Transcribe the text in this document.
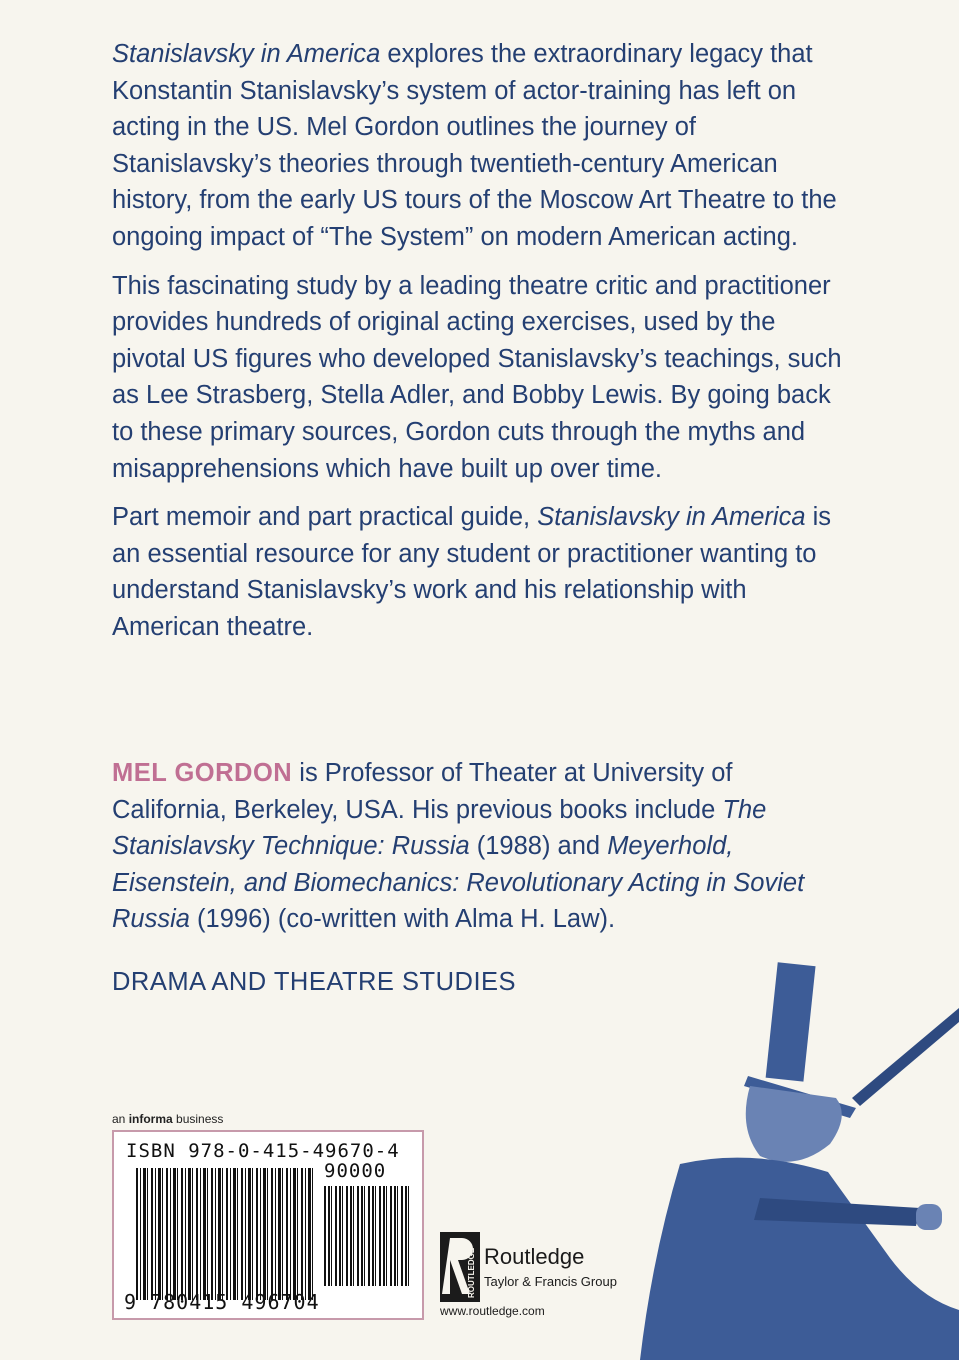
Stanislavsky in America explores the extraordinary legacy that Konstantin Stanislavsky’s system of actor-training has left on acting in the US. Mel Gordon outlines the journey of Stanislavsky’s theories through twentieth-century American history, from the early US tours of the Moscow Art Theatre to the ongoing impact of “The System” on modern American acting.

This fascinating study by a leading theatre critic and practitioner provides hundreds of original acting exercises, used by the pivotal US figures who developed Stanislavsky’s teachings, such as Lee Strasberg, Stella Adler, and Bobby Lewis. By going back to these primary sources, Gordon cuts through the myths and misapprehensions which have built up over time.

Part memoir and part practical guide, Stanislavsky in America is an essential resource for any student or practitioner wanting to understand Stanislavsky’s work and his relationship with American theatre.

MEL GORDON is Professor of Theater at University of California, Berkeley, USA. His previous books include The Stanislavsky Technique: Russia (1988) and Meyerhold, Eisenstein, and Biomechanics: Revolutionary Acting in Soviet Russia (1996) (co-written with Alma H. Law).
DRAMA AND THEATRE STUDIES
an informa business
ISBN 978-0-415-49670-4
90000
9 780415 496704
ROUTLEDGE Routledge
Taylor & Francis Group
www.routledge.com
